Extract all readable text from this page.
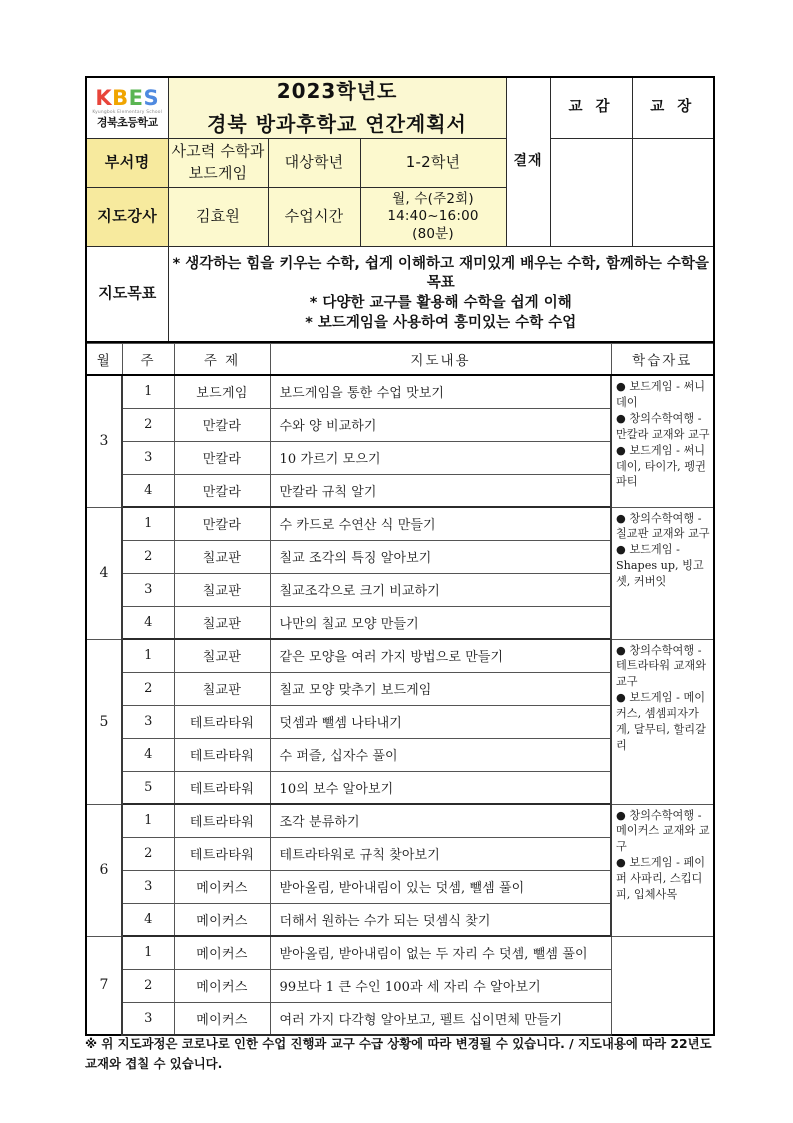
KBES
Kyungbok Elementary School
경북초등학교

2023학년도
경북 방과후학교 연간계획서
	결재	교 감	교 장
부서명	사고력 수학과 보드게임	대상학년	1-2학년			
지도강사	김효원	수업시간	월, 수(주2회)
14:40~16:00
(80분)			

지도목표	* 생각하는 힘을 키우는 수학, 쉽게 이해하고 재미있게 배우는 수학, 함께하는 수학을 목표
* 다양한 교구를 활용해 수학을 쉽게 이해
* 보드게임을 사용하여 흥미있는 수학 수업					
월	주	주 제	지도내용	학습자료
3	1	보드게임	보드게임을 통한 수업 맛보기	● 보드게임 - 써니 데이
● 창의수학여행 - 만칼라 교재와 교구
● 보드게임 - 써니 데이, 타이가, 펭귄 파티

	2	만칼라	수와 양 비교하기	
	3	만칼라	10 가르기 모으기	
	4	만칼라	만칼라 규칙 알기	
4	1	만칼라	수 카드로 수연산 식 만들기	● 창의수학여행 - 칠교판 교재와 교구
● 보드게임 - Shapes up, 빙고셋, 커버잇

	2	칠교판	칠교 조각의 특징 알아보기	
	3	칠교판	칠교조각으로 크기 비교하기	
	4	칠교판	나만의 칠교 모양 만들기	
5	1	칠교판	같은 모양을 여러 가지 방법으로 만들기	● 창의수학여행 - 테트라타워 교재와 교구
● 보드게임 - 메이커스, 셈셈피자가게, 달무티, 할리갈리

	2	칠교판	칠교 모양 맞추기 보드게임	
	3	테트라타워	덧셈과 뺄셈 나타내기	
	4	테트라타워	수 퍼즐, 십자수 풀이	
	5	테트라타워	10의 보수 알아보기	
6	1	테트라타워	조각 분류하기	● 창의수학여행 - 메이커스 교재와 교구
● 보드게임 - 페이퍼 사파리, 스킵디피, 입체사목

	2	테트라타워	테트라타워로 규칙 찾아보기	
	3	메이커스	받아올림, 받아내림이 있는 덧셈, 뺄셈 풀이	
	4	메이커스	더해서 원하는 수가 되는 덧셈식 찾기	
7	1	메이커스	받아올림, 받아내림이 없는 두 자리 수 덧셈, 뺄셈 풀이	
	2	메이커스	99보다 1 큰 수인 100과 세 자리 수 알아보기	
	3	메이커스	여러 가지 다각형 알아보고, 펠트 십이면체 만들기	
※ 위 지도과정은 코로나로 인한 수업 진행과 교구 수급 상황에 따라 변경될 수 있습니다. / 지도내용에 따라 22년도 교재와 겹칠 수 있습니다.
